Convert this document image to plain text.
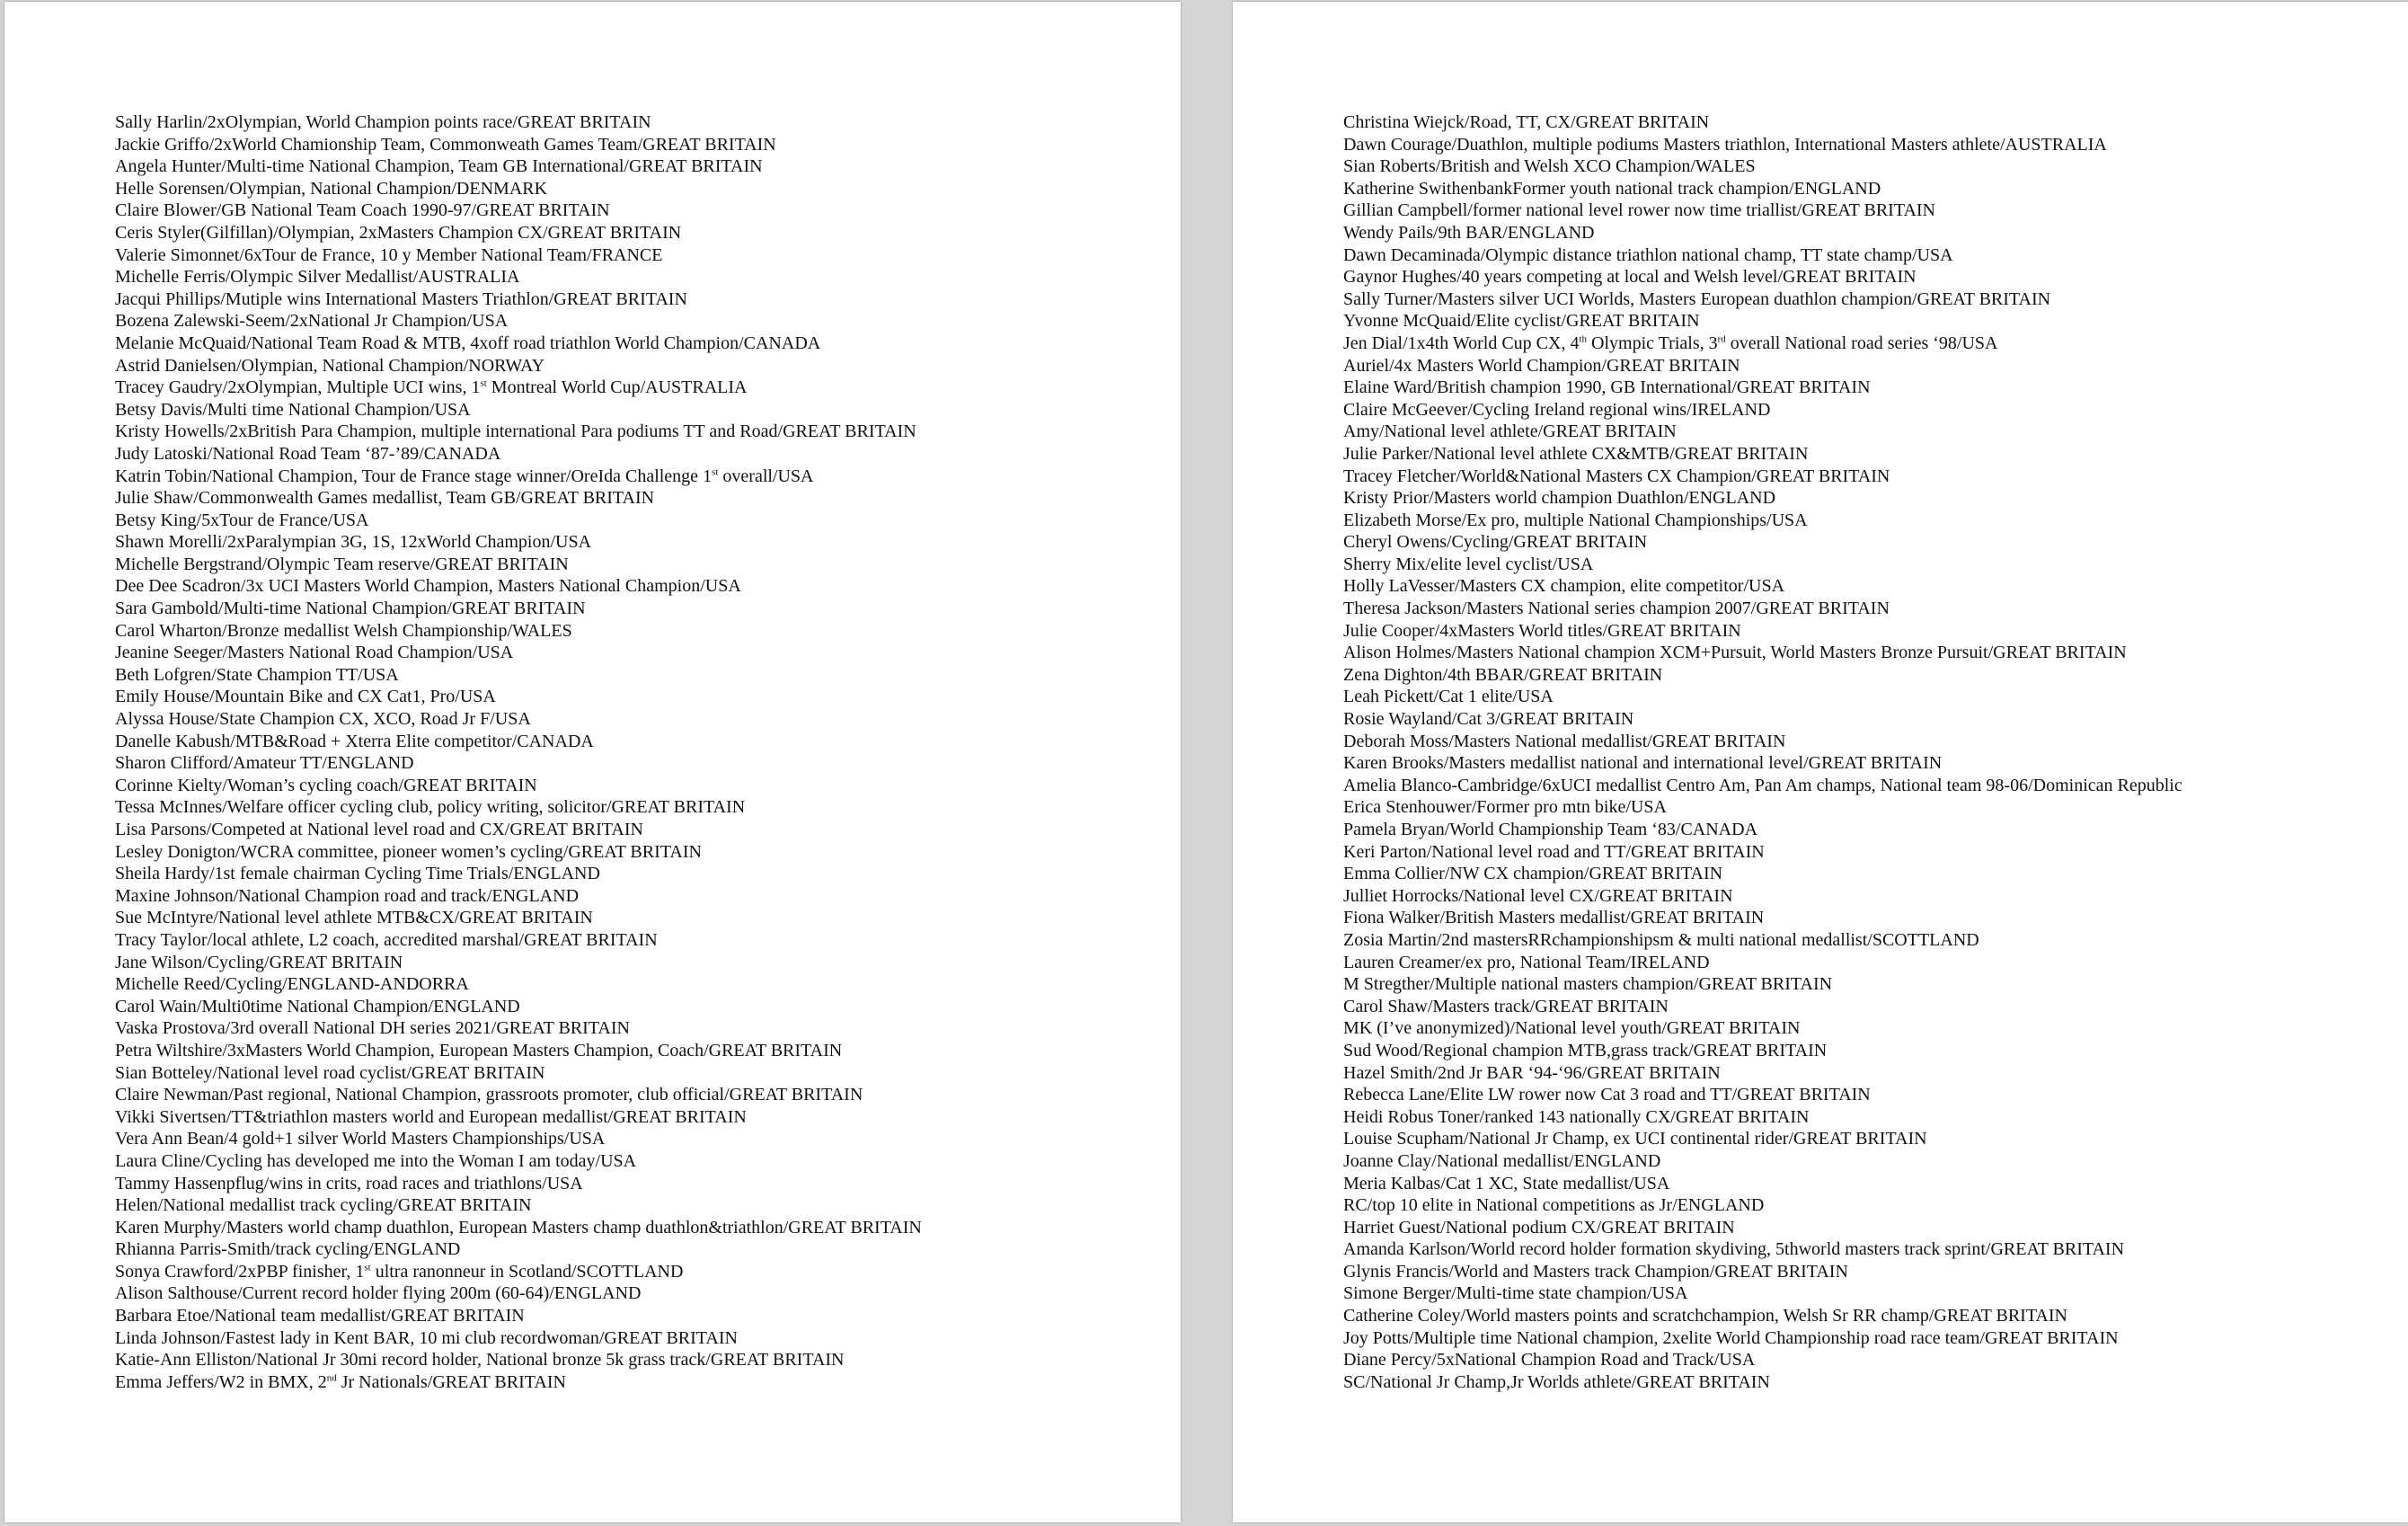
Sally Harlin/2xOlympian, World Champion points race/GREAT BRITAIN
Jackie Griffo/2xWorld Chamionship Team, Commonweath Games Team/GREAT BRITAIN
Angela Hunter/Multi-time National Champion, Team GB International/GREAT BRITAIN
Helle Sorensen/Olympian, National Champion/DENMARK
Claire Blower/GB National Team Coach 1990-97/GREAT BRITAIN
Ceris Styler(Gilfillan)/Olympian, 2xMasters Champion CX/GREAT BRITAIN
Valerie Simonnet/6xTour de France, 10 y Member National Team/FRANCE
Michelle Ferris/Olympic Silver Medallist/AUSTRALIA
Jacqui Phillips/Mutiple wins International Masters Triathlon/GREAT BRITAIN
Bozena Zalewski-Seem/2xNational Jr Champion/USA
Melanie McQuaid/National Team Road & MTB, 4xoff road triathlon World Champion/CANADA
Astrid Danielsen/Olympian, National Champion/NORWAY
Tracey Gaudry/2xOlympian, Multiple UCI wins, 1st Montreal World Cup/AUSTRALIA
Betsy Davis/Multi time National Champion/USA
Kristy Howells/2xBritish Para Champion, multiple international Para podiums TT and Road/GREAT BRITAIN
Judy Latoski/National Road Team ‘87-’89/CANADA
Katrin Tobin/National Champion, Tour de France stage winner/OreIda Challenge 1st overall/USA
Julie Shaw/Commonwealth Games medallist, Team GB/GREAT BRITAIN
Betsy King/5xTour de France/USA
Shawn Morelli/2xParalympian 3G, 1S, 12xWorld Champion/USA
Michelle Bergstrand/Olympic Team reserve/GREAT BRITAIN
Dee Dee Scadron/3x UCI Masters World Champion, Masters National Champion/USA
Sara Gambold/Multi-time National Champion/GREAT BRITAIN
Carol Wharton/Bronze medallist Welsh Championship/WALES
Jeanine Seeger/Masters National Road Champion/USA
Beth Lofgren/State Champion TT/USA
Emily House/Mountain Bike and CX Cat1, Pro/USA
Alyssa House/State Champion CX, XCO, Road Jr F/USA
Danelle Kabush/MTB&Road + Xterra Elite competitor/CANADA
Sharon Clifford/Amateur TT/ENGLAND
Corinne Kielty/Woman’s cycling coach/GREAT BRITAIN
Tessa McInnes/Welfare officer cycling club, policy writing, solicitor/GREAT BRITAIN
Lisa Parsons/Competed at National level road and CX/GREAT BRITAIN
Lesley Donigton/WCRA committee, pioneer women’s cycling/GREAT BRITAIN
Sheila Hardy/1st female chairman Cycling Time Trials/ENGLAND
Maxine Johnson/National Champion road and track/ENGLAND
Sue McIntyre/National level athlete MTB&CX/GREAT BRITAIN
Tracy Taylor/local athlete, L2 coach, accredited marshal/GREAT BRITAIN
Jane Wilson/Cycling/GREAT BRITAIN
Michelle Reed/Cycling/ENGLAND-ANDORRA
Carol Wain/Multi0time National Champion/ENGLAND
Vaska Prostova/3rd overall National DH series 2021/GREAT BRITAIN
Petra Wiltshire/3xMasters World Champion, European Masters Champion, Coach/GREAT BRITAIN
Sian Botteley/National level road cyclist/GREAT BRITAIN
Claire Newman/Past regional, National Champion, grassroots promoter, club official/GREAT BRITAIN
Vikki Sivertsen/TT&triathlon masters world and European medallist/GREAT BRITAIN
Vera Ann Bean/4 gold+1 silver World Masters Championships/USA
Laura Cline/Cycling has developed me into the Woman I am today/USA
Tammy Hassenpflug/wins in crits, road races and triathlons/USA
Helen/National medallist track cycling/GREAT BRITAIN
Karen Murphy/Masters world champ duathlon, European Masters champ duathlon&triathlon/GREAT BRITAIN
Rhianna Parris-Smith/track cycling/ENGLAND
Sonya Crawford/2xPBP finisher, 1st ultra ranonneur in Scotland/SCOTTLAND
Alison Salthouse/Current record holder flying 200m (60-64)/ENGLAND
Barbara Etoe/National team medallist/GREAT BRITAIN
Linda Johnson/Fastest lady in Kent BAR, 10 mi club recordwoman/GREAT BRITAIN
Katie-Ann Elliston/National Jr 30mi record holder, National bronze 5k grass track/GREAT BRITAIN
Emma Jeffers/W2 in BMX, 2nd Jr Nationals/GREAT BRITAIN
Christina Wiejck/Road, TT, CX/GREAT BRITAIN
Dawn Courage/Duathlon, multiple podiums Masters triathlon, International Masters athlete/AUSTRALIA
Sian Roberts/British and Welsh XCO Champion/WALES
Katherine SwithenbankFormer youth national track champion/ENGLAND
Gillian Campbell/former national level rower now time triallist/GREAT BRITAIN
Wendy Pails/9th BAR/ENGLAND
Dawn Decaminada/Olympic distance triathlon national champ, TT state champ/USA
Gaynor Hughes/40 years competing at local and Welsh level/GREAT BRITAIN
Sally Turner/Masters silver UCI Worlds, Masters European duathlon champion/GREAT BRITAIN
Yvonne McQuaid/Elite cyclist/GREAT BRITAIN
Jen Dial/1x4th World Cup CX, 4th Olympic Trials, 3rd overall National road series ‘98/USA
Auriel/4x Masters World Champion/GREAT BRITAIN
Elaine Ward/British champion 1990, GB International/GREAT BRITAIN
Claire McGeever/Cycling Ireland regional wins/IRELAND
Amy/National level athlete/GREAT BRITAIN
Julie Parker/National level athlete CX&MTB/GREAT BRITAIN
Tracey Fletcher/World&National Masters CX Champion/GREAT BRITAIN
Kristy Prior/Masters world champion Duathlon/ENGLAND
Elizabeth Morse/Ex pro, multiple National Championships/USA
Cheryl Owens/Cycling/GREAT BRITAIN
Sherry Mix/elite level cyclist/USA
Holly LaVesser/Masters CX champion, elite competitor/USA
Theresa Jackson/Masters National series champion 2007/GREAT BRITAIN
Julie Cooper/4xMasters World titles/GREAT BRITAIN
Alison Holmes/Masters National champion XCM+Pursuit, World Masters Bronze Pursuit/GREAT BRITAIN
Zena Dighton/4th BBAR/GREAT BRITAIN
Leah Pickett/Cat 1 elite/USA
Rosie Wayland/Cat 3/GREAT BRITAIN
Deborah Moss/Masters National medallist/GREAT BRITAIN
Karen Brooks/Masters medallist national and international level/GREAT BRITAIN
Amelia Blanco-Cambridge/6xUCI medallist Centro Am, Pan Am champs, National team 98-06/Dominican Republic
Erica Stenhouwer/Former pro mtn bike/USA
Pamela Bryan/World Championship Team ‘83/CANADA
Keri Parton/National level road and TT/GREAT BRITAIN
Emma Collier/NW CX champion/GREAT BRITAIN
Julliet Horrocks/National level CX/GREAT BRITAIN
Fiona Walker/British Masters medallist/GREAT BRITAIN
Zosia Martin/2nd mastersRRchampionshipsm & multi national medallist/SCOTTLAND
Lauren Creamer/ex pro, National Team/IRELAND
M Stregther/Multiple national masters champion/GREAT BRITAIN
Carol Shaw/Masters track/GREAT BRITAIN
MK (I’ve anonymized)/National level youth/GREAT BRITAIN
Sud Wood/Regional champion MTB,grass track/GREAT BRITAIN
Hazel Smith/2nd Jr BAR ‘94-‘96/GREAT BRITAIN
Rebecca Lane/Elite LW rower now Cat 3 road and TT/GREAT BRITAIN
Heidi Robus Toner/ranked 143 nationally CX/GREAT BRITAIN
Louise Scupham/National Jr Champ, ex UCI continental rider/GREAT BRITAIN
Joanne Clay/National medallist/ENGLAND
Meria Kalbas/Cat 1 XC, State medallist/USA
RC/top 10 elite in National competitions as Jr/ENGLAND
Harriet Guest/National podium CX/GREAT BRITAIN
Amanda Karlson/World record holder formation skydiving, 5thworld masters track sprint/GREAT BRITAIN
Glynis Francis/World and Masters track Champion/GREAT BRITAIN
Simone Berger/Multi-time state champion/USA
Catherine Coley/World masters points and scratchchampion, Welsh Sr RR champ/GREAT BRITAIN
Joy Potts/Multiple time National champion, 2xelite World Championship road race team/GREAT BRITAIN
Diane Percy/5xNational Champion Road and Track/USA
SC/National Jr Champ,Jr Worlds athlete/GREAT BRITAIN
